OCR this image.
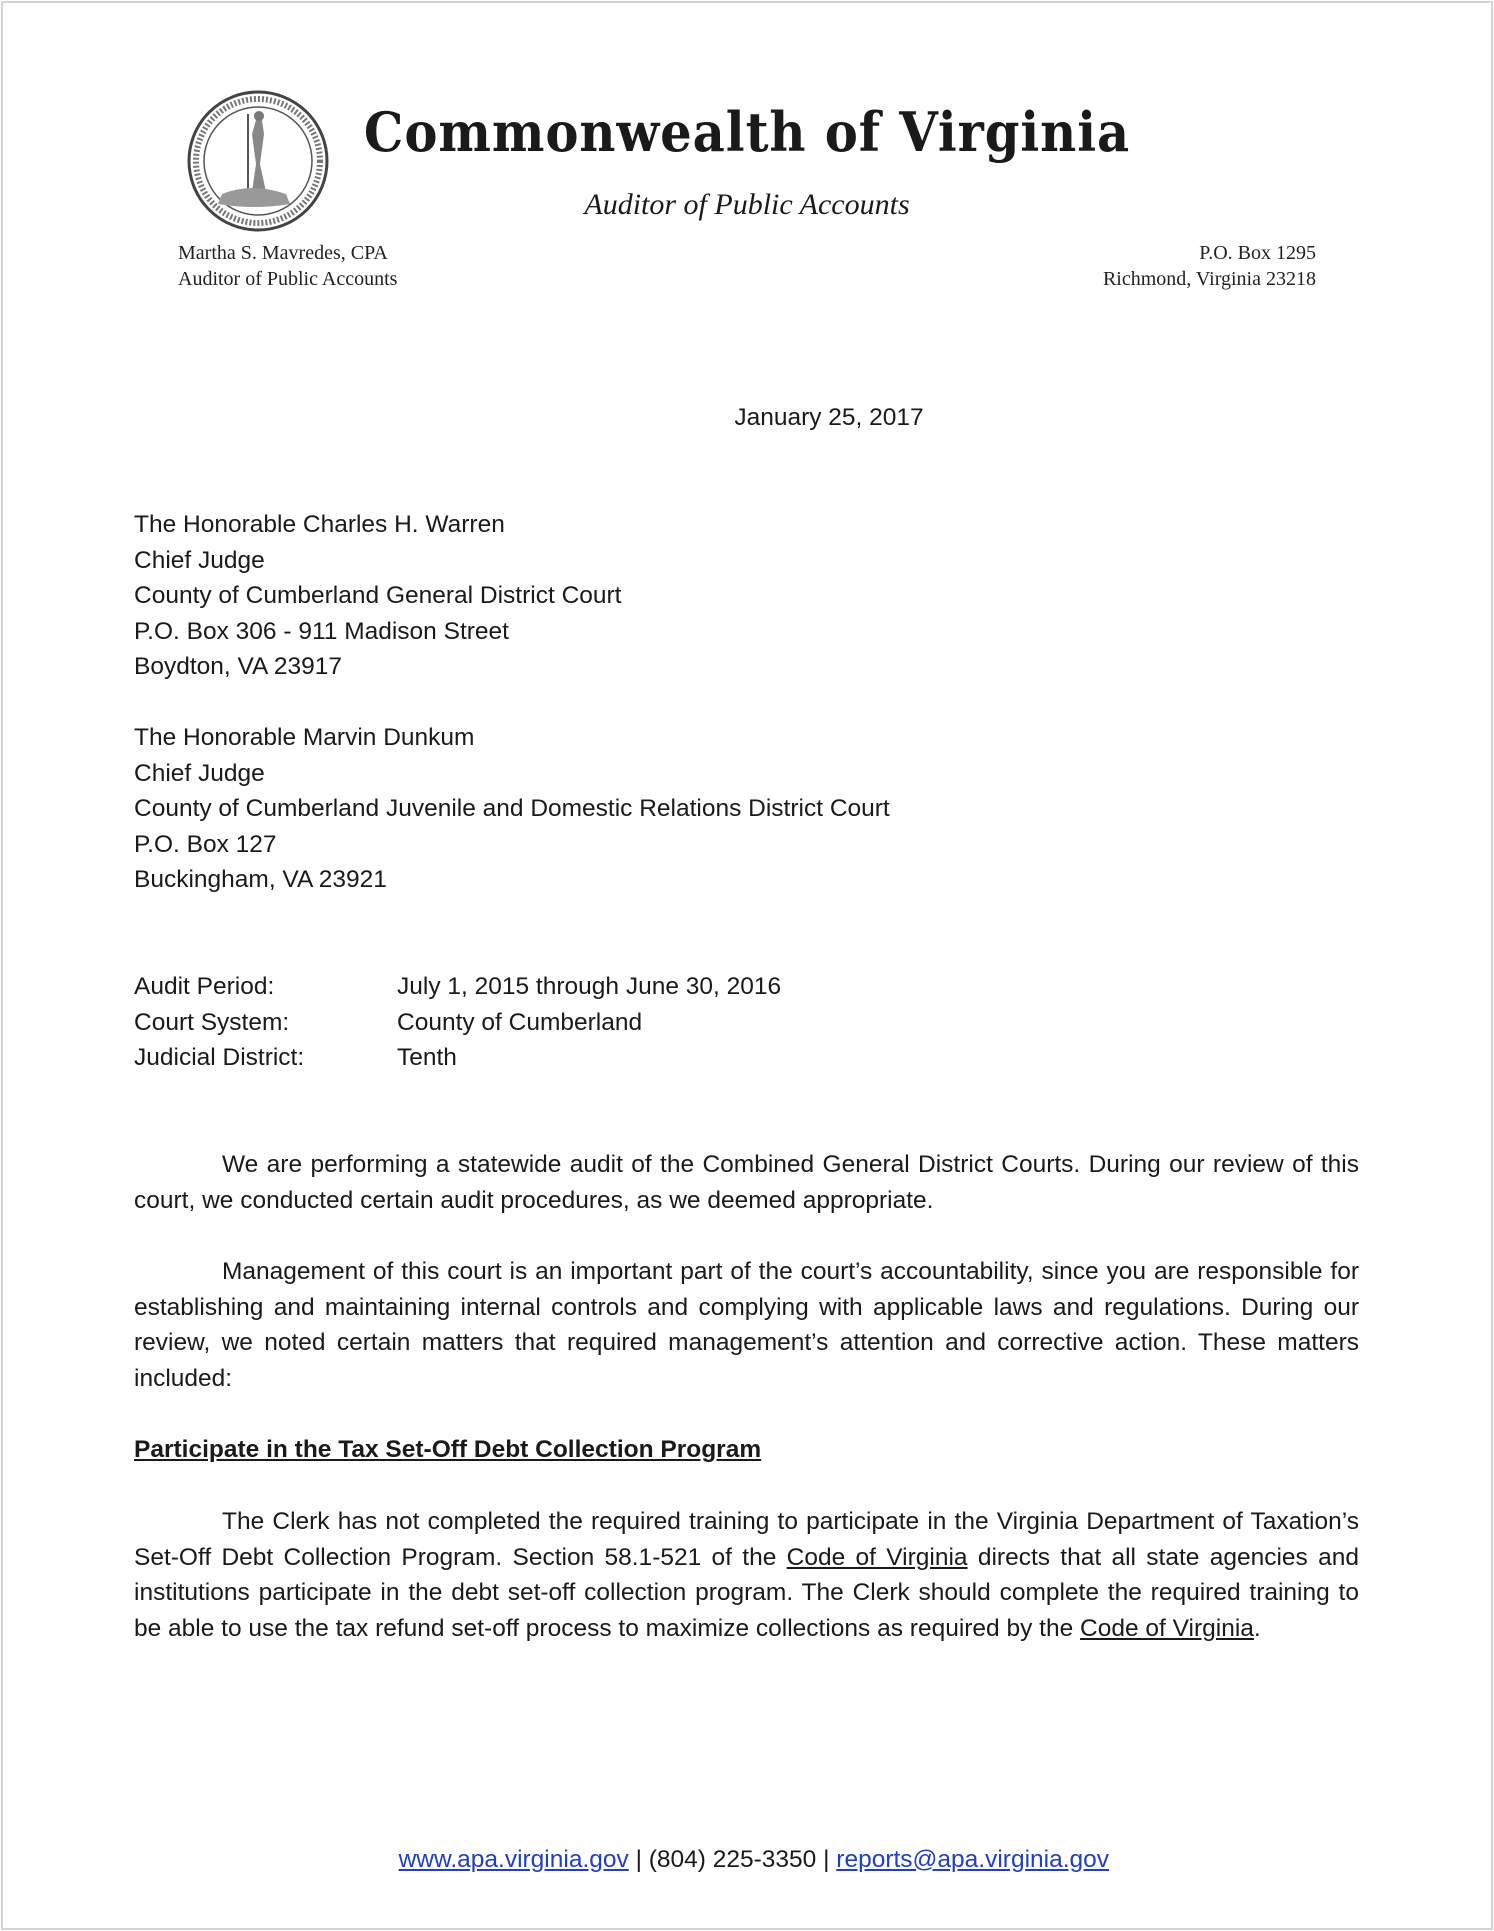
Commonwealth of Virginia
Auditor of Public Accounts
Martha S. Mavredes, CPA
Auditor of Public Accounts
P.O. Box 1295
Richmond, Virginia 23218
January 25, 2017
The Honorable Charles H. Warren
Chief Judge
County of Cumberland General District Court
P.O. Box 306 - 911 Madison Street
Boydton, VA 23917
The Honorable Marvin Dunkum
Chief Judge
County of Cumberland Juvenile and Domestic Relations District Court
P.O. Box 127
Buckingham, VA 23921
Audit Period:	July 1, 2015 through June 30, 2016
Court System:	County of Cumberland
Judicial District:	Tenth
We are performing a statewide audit of the Combined General District Courts. During our review of this court, we conducted certain audit procedures, as we deemed appropriate.
Management of this court is an important part of the court’s accountability, since you are responsible for establishing and maintaining internal controls and complying with applicable laws and regulations. During our review, we noted certain matters that required management’s attention and corrective action. These matters included:
Participate in the Tax Set-Off Debt Collection Program
The Clerk has not completed the required training to participate in the Virginia Department of Taxation’s Set-Off Debt Collection Program. Section 58.1-521 of the Code of Virginia directs that all state agencies and institutions participate in the debt set-off collection program. The Clerk should complete the required training to be able to use the tax refund set-off process to maximize collections as required by the Code of Virginia.

www.apa.virginia.gov | (804) 225-3350 | reports@apa.virginia.gov
